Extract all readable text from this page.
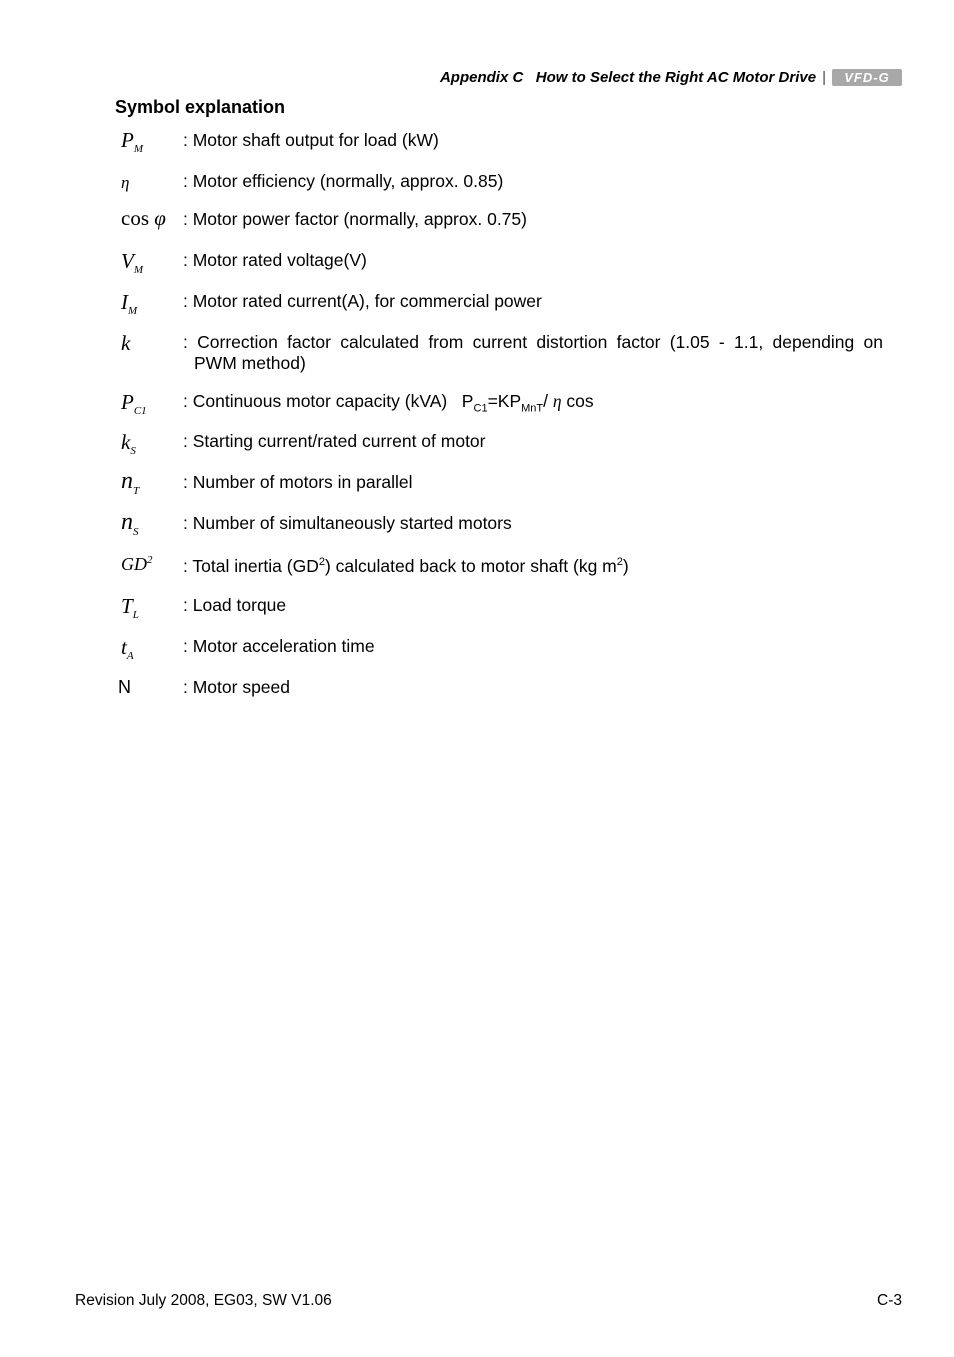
Appendix C   How to Select the Right AC Motor Drive |	VFD-G
Symbol explanation
$P_M$ : Motor shaft output for load (kW)
η	: Motor efficiency (normally, approx. 0.85)
cos φ : Motor power factor (normally, approx. 0.75)
$V_M$
: Motor rated voltage(V)
$I_M$
: Motor rated current(A), for commercial power
k	: Correction factor calculated from current distortion factor (1.05 - 1.1, depending on
PWM method)
$P_{C1}$
: Continuous motor capacity (kVA)   $P_{C1}=KP_{MnT}/$ η cos
$k_S$
: Starting current/rated current of motor
$n_T$	: Number of motors in parallel
$n_S$	: Number of simultaneously started motors
$GD^2$ : Total inertia $(GD^2)$ calculated back to motor shaft (kg $m^2$)
$T_L$
: Load torque
$t_A$
: Motor acceleration time
N	: Motor speed
Revision July 2008, EG03, SW V1.06	C-3
